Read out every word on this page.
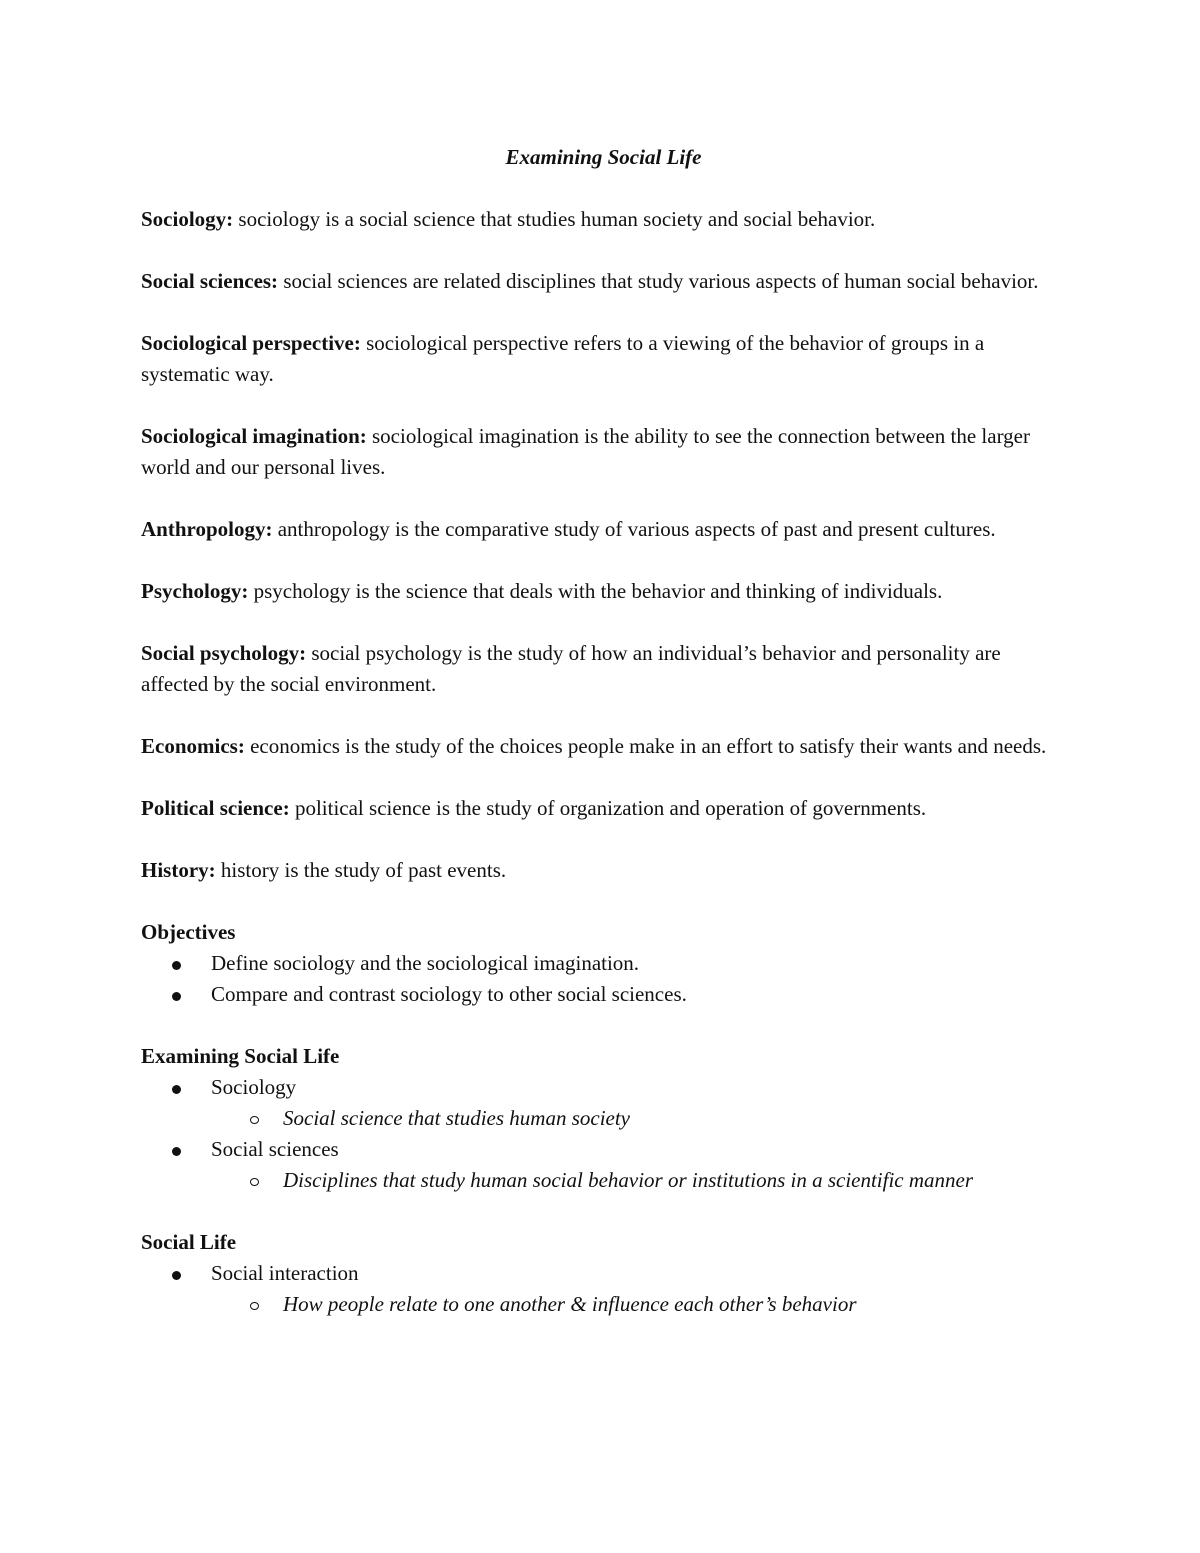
Examining Social Life

Sociology: sociology is a social science that studies human society and social behavior.

Social sciences: social sciences are related disciplines that study various aspects of human social behavior.

Sociological perspective: sociological perspective refers to a viewing of the behavior of groups in a systematic way.

Sociological imagination: sociological imagination is the ability to see the connection between the larger world and our personal lives.

Anthropology: anthropology is the comparative study of various aspects of past and present cultures.

Psychology: psychology is the science that deals with the behavior and thinking of individuals.

Social psychology: social psychology is the study of how an individual’s behavior and personality are affected by the social environment.

Economics: economics is the study of the choices people make in an effort to satisfy their wants and needs.

Political science: political science is the study of organization and operation of governments.

History: history is the study of past events.

Objectives
Define sociology and the sociological imagination.
Compare and contrast sociology to other social sciences.
Examining Social Life
Sociology
Social science that studies human society
Social sciences
Disciplines that study human social behavior or institutions in a scientific manner
Social Life
Social interaction
How people relate to one another & influence each other’s behavior
